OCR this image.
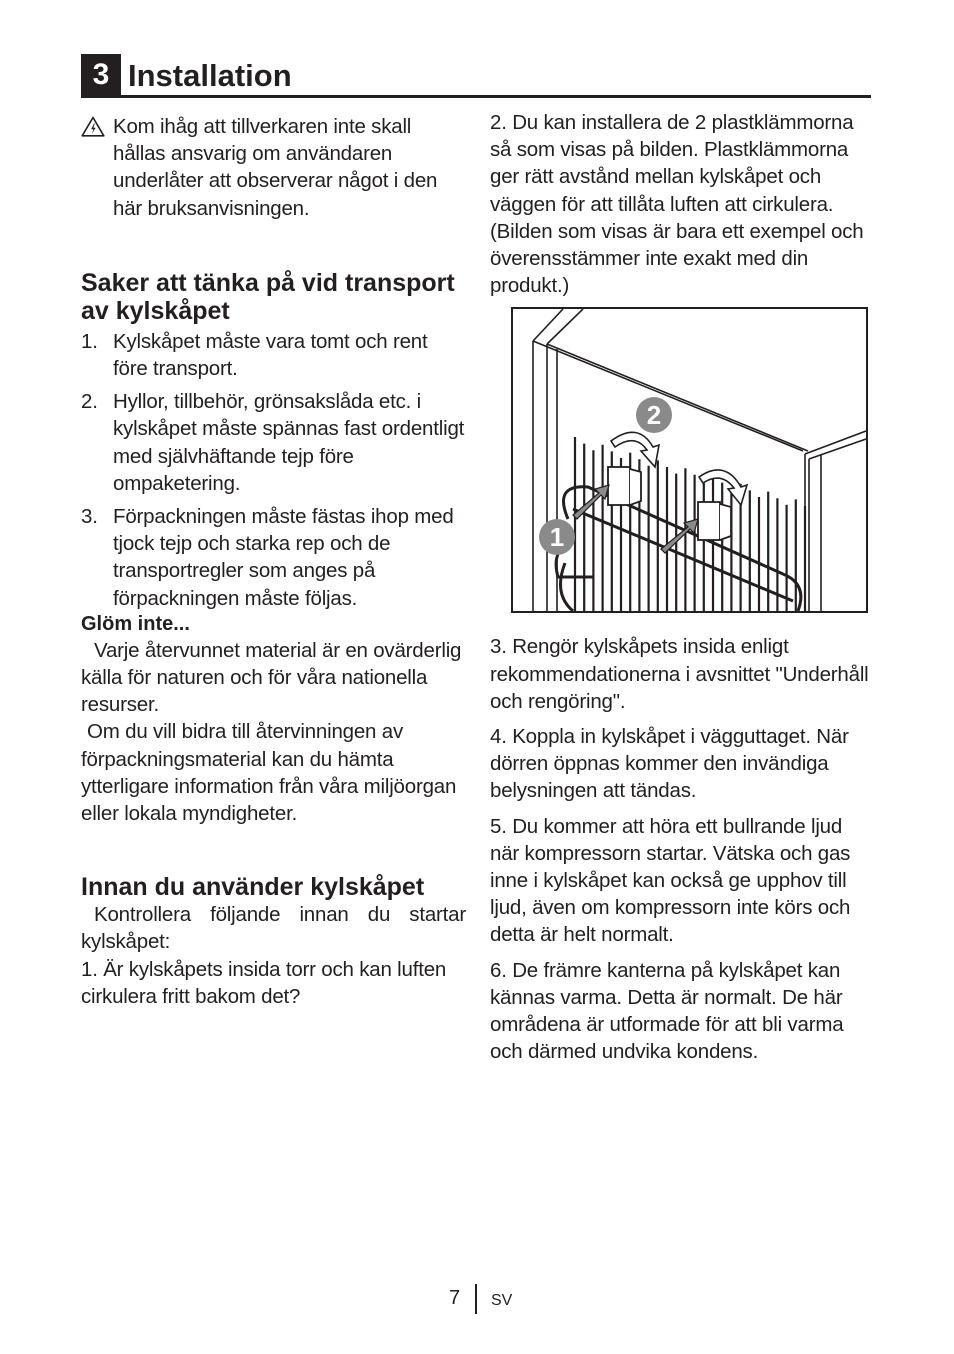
3 Installation

Kom ihåg att tillverkaren inte skall hållas ansvarig om användaren underlåter att observerar något i den här bruksanvisningen.

Saker att tänka på vid transport av kylskåpet
1. Kylskåpet måste vara tomt och rent före transport.
2. Hyllor, tillbehör, grönsakslåda etc. i kylskåpet måste spännas fast ordentligt med självhäftande tejp före ompaketering.
3. Förpackningen måste fästas ihop med tjock tejp och starka rep och de transportregler som anges på förpackningen måste följas.
Glöm inte...

Varje återvunnet material är en ovärderlig källa för naturen och för våra nationella resurser.

Om du vill bidra till återvinningen av förpackningsmaterial kan du hämta ytterligare information från våra miljöorgan eller lokala myndigheter.

Innan du använder kylskåpet

Kontrollera följande innan du startar kylskåpet:

1. Är kylskåpets insida torr och kan luften cirkulera fritt bakom det?

2. Du kan installera de 2 plastklämmorna så som visas på bilden. Plastklämmorna ger rätt avstånd mellan kylskåpet och väggen för att tillåta luften att cirkulera. (Bilden som visas är bara ett exempel och överensstämmer inte exakt med din produkt.)

2
1

3. Rengör kylskåpets insida enligt rekommendationerna i avsnittet "Underhåll och rengöring".

4. Koppla in kylskåpet i vägguttaget. När dörren öppnas kommer den invändiga belysningen att tändas.

5. Du kommer att höra ett bullrande ljud när kompressorn startar. Vätska och gas inne i kylskåpet kan också ge upphov till ljud, även om kompressorn inte körs och detta är helt normalt.

6. De främre kanterna på kylskåpet kan kännas varma. Detta är normalt. De här områdena är utformade för att bli varma och därmed undvika kondens.

7 SV
